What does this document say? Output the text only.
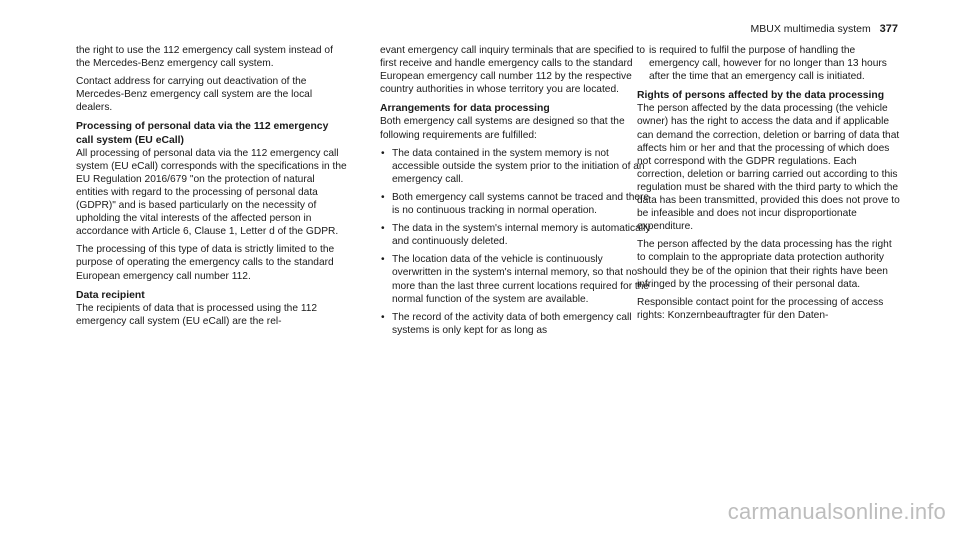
MBUX multimedia system 377

the right to use the 112 emergency call system instead of the Mercedes-Benz emergency call system.

Contact address for carrying out deactivation of the Mercedes-Benz emergency call system are the local dealers.

Processing of personal data via the 112 emergency call system (EU eCall)

All processing of personal data via the 112 emergency call system (EU eCall) corresponds with the specifications in the EU Regulation 2016/679 "on the protection of natural entities with regard to the processing of personal data (GDPR)" and is based particularly on the necessity of upholding the vital interests of the affected person in accordance with Article 6, Clause 1, Letter d of the GDPR.

The processing of this type of data is strictly limited to the purpose of operating the emergency calls to the standard European emergency call number 112.

Data recipient

The recipients of data that is processed using the 112 emergency call system (EU eCall) are the rel-

evant emergency call inquiry terminals that are specified to first receive and handle emergency calls to the standard European emergency call number 112 by the respective country authorities in whose territory you are located.

Arrangements for data processing

Both emergency call systems are designed so that the following requirements are fulfilled:

• The data contained in the system memory is not accessible outside the system prior to the initiation of an emergency call.
• Both emergency call systems cannot be traced and there is no continuous tracking in normal operation.
• The data in the system's internal memory is automatically and continuously deleted.
• The location data of the vehicle is continuously overwritten in the system's internal memory, so that no more than the last three current locations required for the normal function of the system are available.
• The record of the activity data of both emergency call systems is only kept for as long as

is required to fulfil the purpose of handling the emergency call, however for no longer than 13 hours after the time that an emergency call is initiated.

Rights of persons affected by the data processing

The person affected by the data processing (the vehicle owner) has the right to access the data and if applicable can demand the correction, deletion or barring of data that affects him or her and that the processing of which does not correspond with the GDPR regulations. Each correction, deletion or barring carried out according to this regulation must be shared with the third party to which the data has been transmitted, provided this does not prove to be infeasible and does not incur disproportionate expenditure.

The person affected by the data processing has the right to complain to the appropriate data protection authority should they be of the opinion that their rights have been infringed by the processing of their personal data.

Responsible contact point for the processing of access rights: Konzernbeauftragter für den Daten-

carmanualsonline.info
